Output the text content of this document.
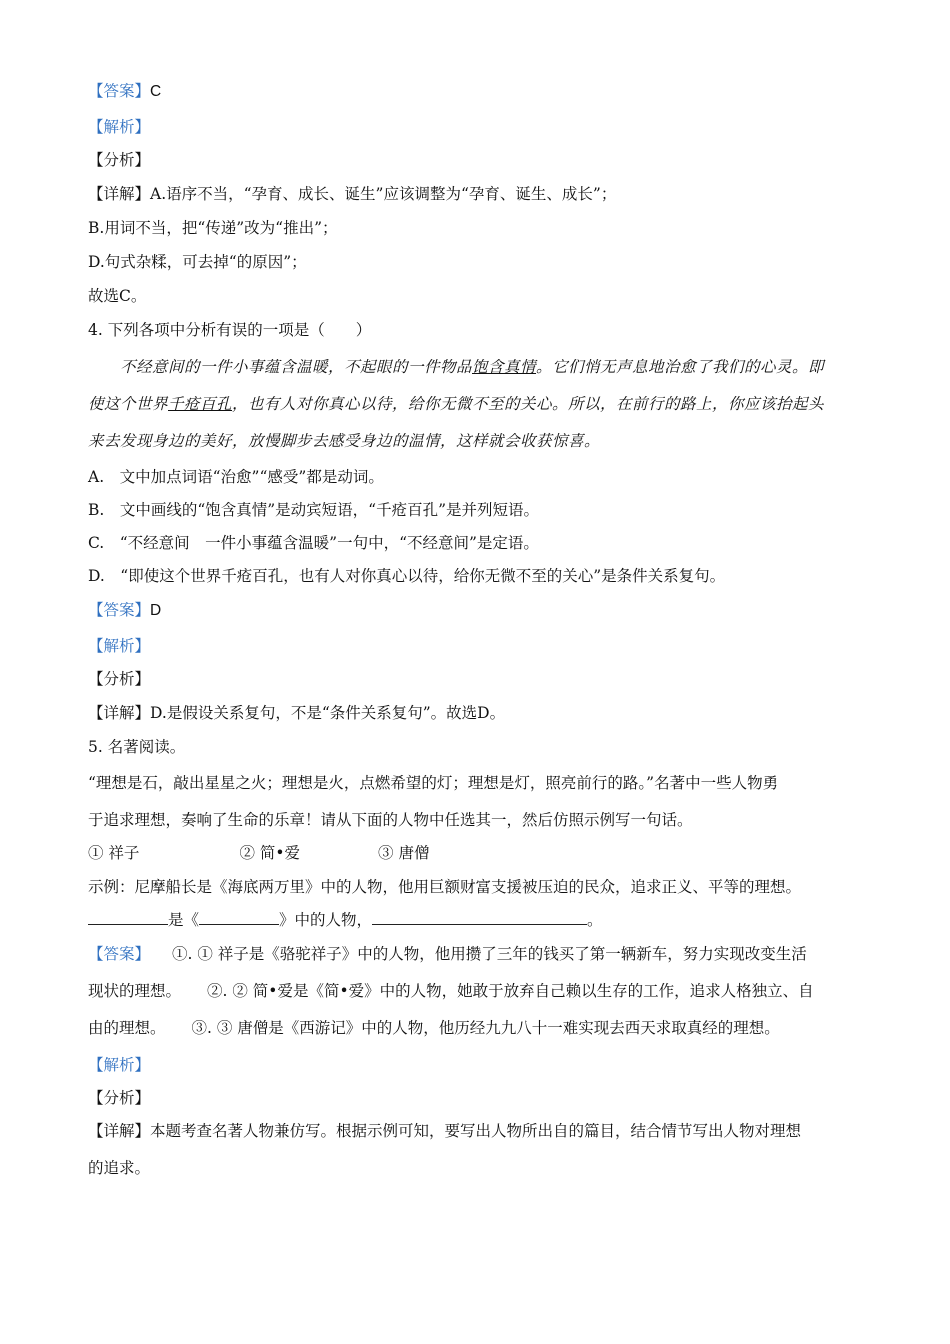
【答案】C
【解析】
【分析】
【详解】A.语序不当，“孕育、成长、诞生”应该调整为“孕育、诞生、成长”；
B.用词不当，把“传递”改为“推出”；
D.句式杂糅，可去掉“的原因”；
故选C。
4. 下列各项中分析有误的一项是（　　）
不经意间的一件小事蕴含温暖，不起眼的一件物品饱含真情。它们悄无声息地治愈了我们的心灵。即
使这个世界千疮百孔，也有人对你真心以待，给你无微不至的关心。所以，在前行的路上，你应该抬起头
来去发现身边的美好，放慢脚步去感受身边的温情，这样就会收获惊喜。
A.　文中加点词语“治愈”“感受”都是动词。
B.　文中画线的“饱含真情”是动宾短语，“千疮百孔”是并列短语。
C.　“不经意间　一件小事蕴含温暖”一句中，“不经意间”是定语。
D.　“即使这个世界千疮百孔，也有人对你真心以待，给你无微不至的关心”是条件关系复句。
【答案】D
【解析】
【分析】
【详解】D.是假设关系复句，不是“条件关系复句”。故选D。
5. 名著阅读。
“理想是石，敲出星星之火；理想是火，点燃希望的灯；理想是灯，照亮前行的路。”名著中一些人物勇
于追求理想，奏响了生命的乐章！请从下面的人物中任选其一，然后仿照示例写一句话。
① 祥子	② 简•爱	③ 唐僧
示例：尼摩船长是《海底两万里》中的人物，他用巨额财富支援被压迫的民众，追求正义、平等的理想。
是《	》中的人物，	。
【答案】 ①. ① 祥子是《骆驼祥子》中的人物，他用攒了三年的钱买了第一辆新车，努力实现改变生活
现状的理想。 ②. ② 简•爱是《简•爱》中的人物，她敢于放弃自己赖以生存的工作，追求人格独立、自
由的理想。 ③. ③ 唐僧是《西游记》中的人物，他历经九九八十一难实现去西天求取真经的理想。
【解析】
【分析】
【详解】本题考查名著人物兼仿写。根据示例可知，要写出人物所出自的篇目，结合情节写出人物对理想
的追求。
